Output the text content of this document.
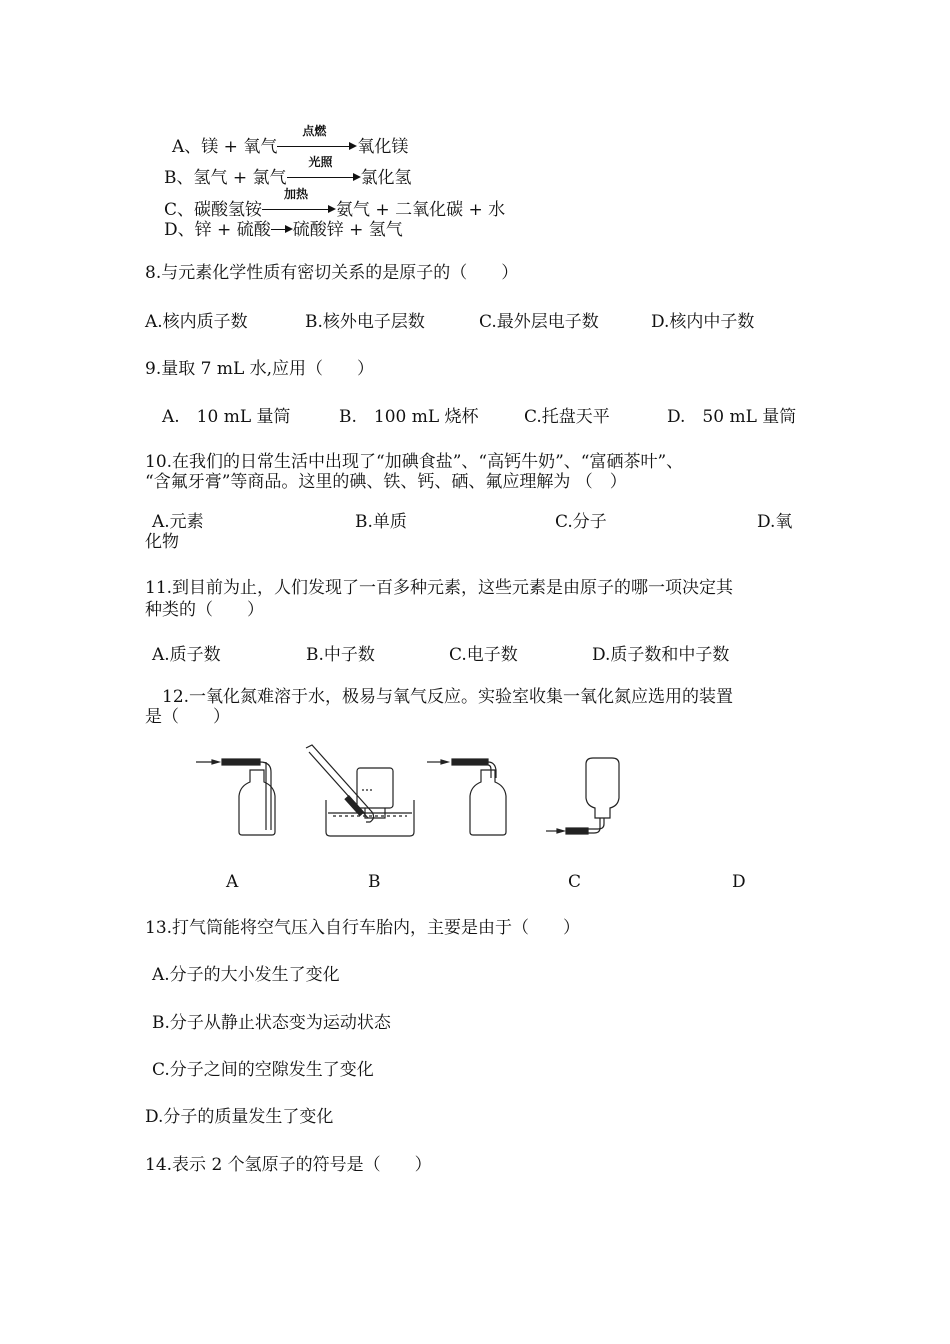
A、镁 + 氧气
点燃
氧化镁
B、氢气 + 氯气
光照
氯化氢
C、碳酸氢铵
加热
氨气 + 二氧化碳 + 水
D、锌 + 硫酸 硫酸锌 + 氢气
8.与元素化学性质有密切关系的是原子的（　　）
A.核内质子数	B.核外电子层数	C.最外层电子数	D.核内中子数
9.量取 7 mL 水,应用（　　）
A.　10 mL 量筒	B.　100 mL 烧杯	C.托盘天平	D.　50 mL 量筒
10.在我们的日常生活中出现了“加碘食盐”、“高钙牛奶”、“富硒茶叶”、
“含氟牙膏”等商品。这里的碘、铁、钙、硒、氟应理解为 （　）
A.元素	B.单质	C.分子	D.氧
化物
11.到目前为止，人们发现了一百多种元素，这些元素是由原子的哪一项决定其
种类的（　　）
A.质子数	B.中子数	C.电子数	D.质子数和中子数
12.一氧化氮难溶于水，极易与氧气反应。实验室收集一氧化氮应选用的装置
是（　　）
A	B	C	D
13.打气筒能将空气压入自行车胎内，主要是由于（　　）
A.分子的大小发生了变化
B.分子从静止状态变为运动状态
C.分子之间的空隙发生了变化
D.分子的质量发生了变化
14.表示 2 个氢原子的符号是（　　）
